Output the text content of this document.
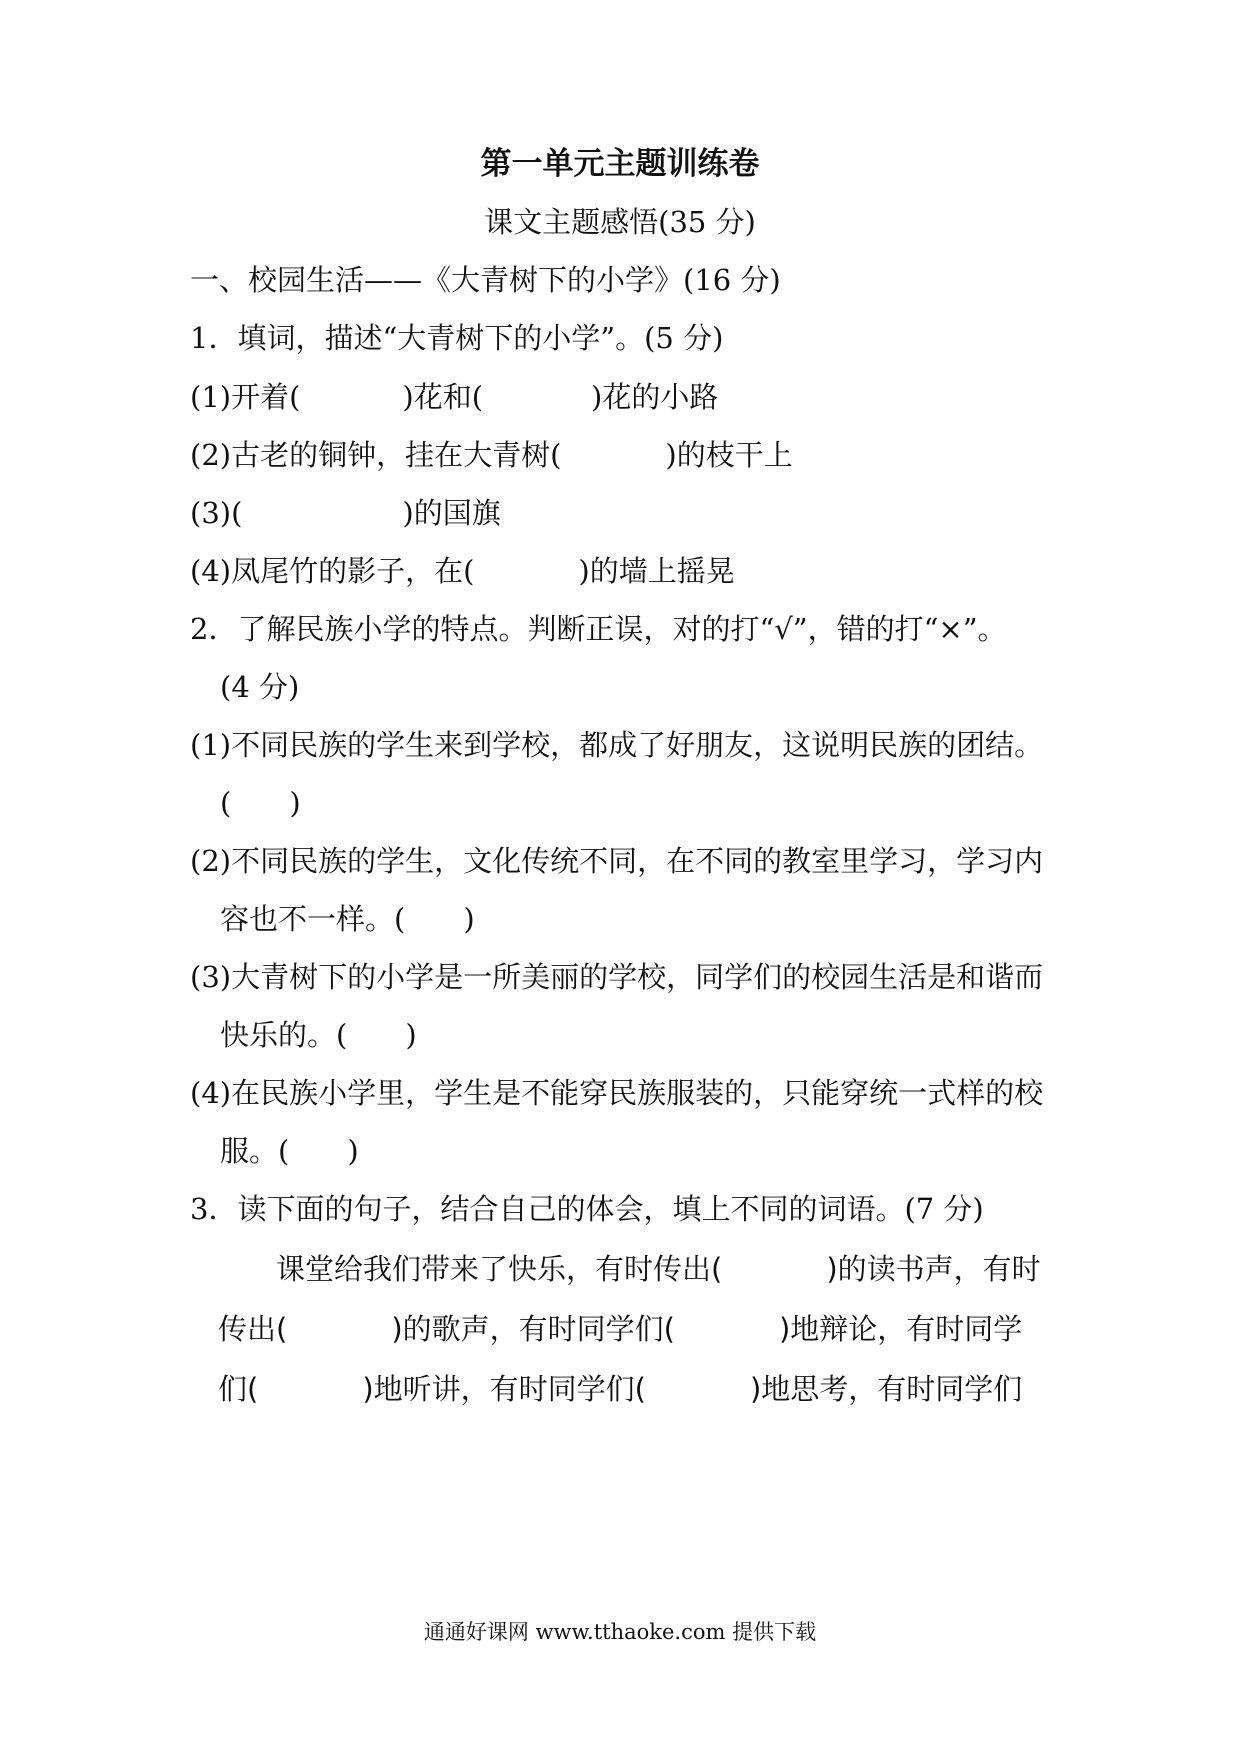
第一单元主题训练卷
课文主题感悟(35 分)
一、校园生活——《大青树下的小学》(16 分)
1．填词，描述“大青树下的小学”。(5 分)
(1)开着(	)花和(	)花的小路
(2)古老的铜钟，挂在大青树(	)的枝干上
(3)(	)的国旗
(4)凤尾竹的影子，在(	)的墙上摇晃
2．了解民族小学的特点。判断正误，对的打“√”，错的打“×”。
(4 分)
(1)不同民族的学生来到学校，都成了好朋友，这说明民族的团结。
(　　)
(2)不同民族的学生，文化传统不同，在不同的教室里学习，学习内
容也不一样。(　　)
(3)大青树下的小学是一所美丽的学校，同学们的校园生活是和谐而
快乐的。(　　)
(4)在民族小学里，学生是不能穿民族服装的，只能穿统一式样的校
服。(　　)
3．读下面的句子，结合自己的体会，填上不同的词语。(7 分)
课堂给我们带来了快乐，有时传出(	)的读书声，有时
传出(	)的歌声，有时同学们(	)地辩论，有时同学
们(	)地听讲，有时同学们(	)地思考，有时同学们
通通好课网 www.tthaoke.com 提供下载
